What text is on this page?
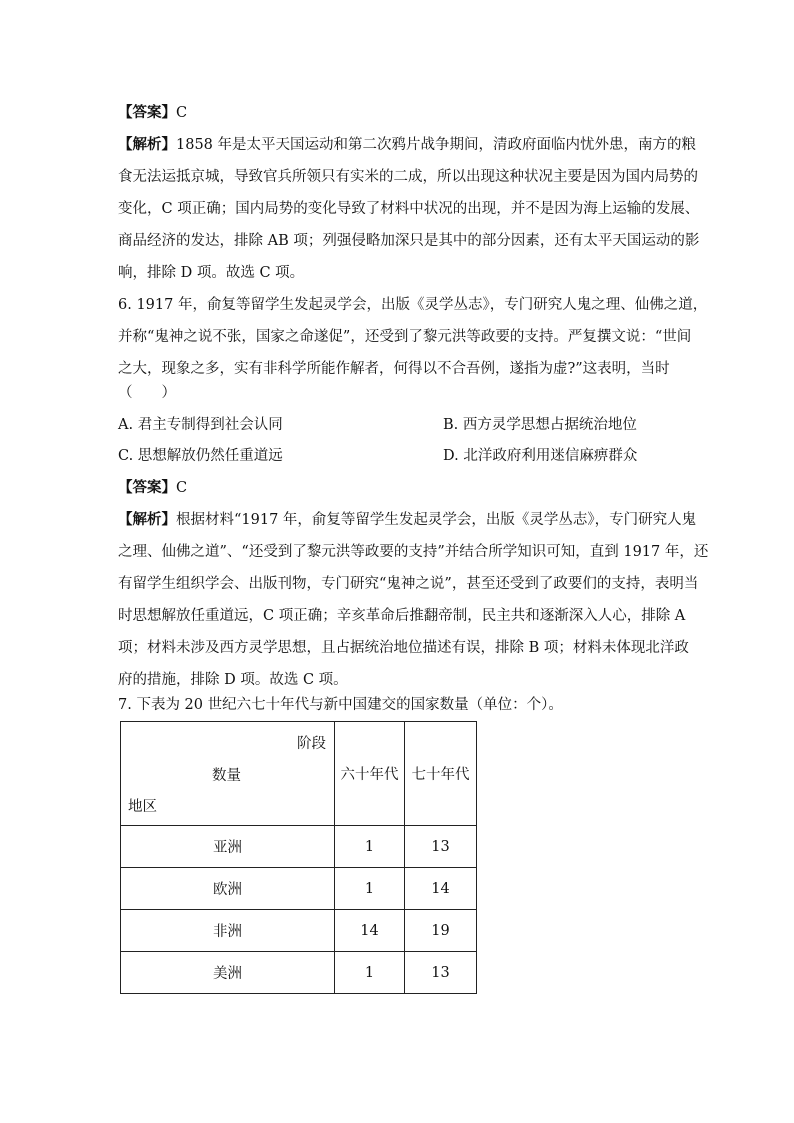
【答案】C
【解析】1858 年是太平天国运动和第二次鸦片战争期间，清政府面临内忧外患，南方的粮
食无法运抵京城，导致官兵所领只有实米的二成，所以出现这种状况主要是因为国内局势的
变化，C 项正确；国内局势的变化导致了材料中状况的出现，并不是因为海上运输的发展、
商品经济的发达，排除 AB 项；列强侵略加深只是其中的部分因素，还有太平天国运动的影
响，排除 D 项。故选 C 项。
6. 1917 年，俞复等留学生发起灵学会，出版《灵学丛志》，专门研究人鬼之理、仙佛之道，
并称“鬼神之说不张，国家之命遂促”，还受到了黎元洪等政要的支持。严复撰文说：“世间
之大，现象之多，实有非科学所能作解者，何得以不合吾例，遂指为虚?”这表明，当时
（　　）
A. 君主专制得到社会认同	B. 西方灵学思想占据统治地位
C. 思想解放仍然任重道远	D. 北洋政府利用迷信麻痹群众
【答案】C
【解析】根据材料“1917 年，俞复等留学生发起灵学会，出版《灵学丛志》，专门研究人鬼
之理、仙佛之道”、“还受到了黎元洪等政要的支持”并结合所学知识可知，直到 1917 年，还
有留学生组织学会、出版刊物，专门研究“鬼神之说”，甚至还受到了政要们的支持，表明当
时思想解放任重道远，C 项正确；辛亥革命后推翻帝制，民主共和逐渐深入人心，排除 A
项；材料未涉及西方灵学思想，且占据统治地位描述有误，排除 B 项；材料未体现北洋政
府的措施，排除 D 项。故选 C 项。
7. 下表为 20 世纪六七十年代与新中国建交的国家数量（单位：个）。
阶段
数量
地区	六十年代	七十年代
亚洲	1	13
欧洲	1	14
非洲	14	19
美洲	1	13
